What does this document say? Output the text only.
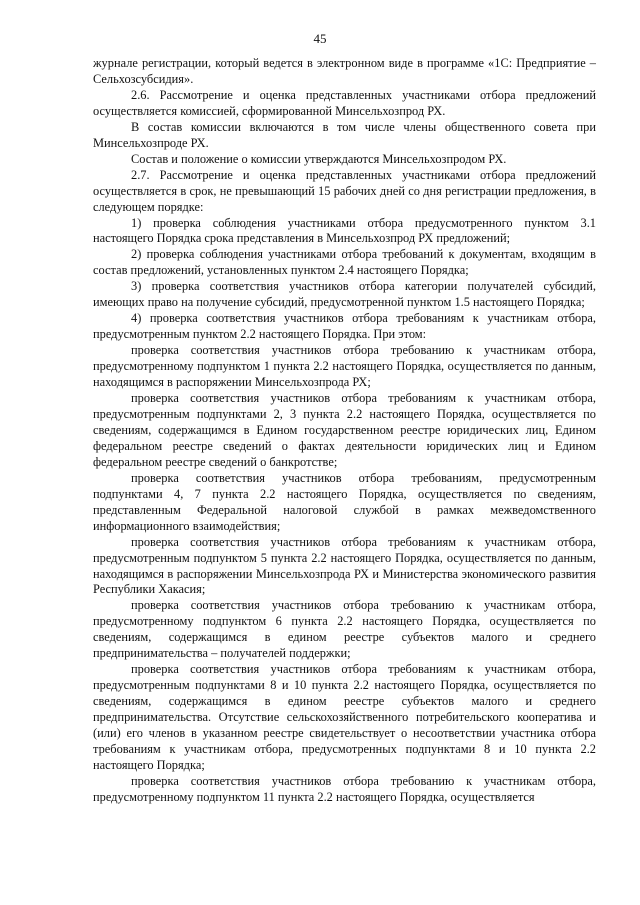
45

журнале регистрации, который ведется в электронном виде в программе «1С: Предприятие – Сельхозсубсидия».

2.6. Рассмотрение и оценка представленных участниками отбора предложений осуществляется комиссией, сформированной Минсельхозпрод РХ.

В состав комиссии включаются в том числе члены общественного совета при Минсельхозпроде РХ.

Состав и положение о комиссии утверждаются Минсельхозпродом РХ.

2.7. Рассмотрение и оценка представленных участниками отбора предложений осуществляется в срок, не превышающий 15 рабочих дней со дня регистрации предложения, в следующем порядке:

1) проверка соблюдения участниками отбора предусмотренного пунктом 3.1 настоящего Порядка срока представления в Минсельхозпрод РХ предложений;

2) проверка соблюдения участниками отбора требований к документам, входящим в состав предложений, установленных пунктом 2.4 настоящего Порядка;

3) проверка соответствия участников отбора категории получателей субсидий, имеющих право на получение субсидий, предусмотренной пунктом 1.5 настоящего Порядка;

4) проверка соответствия участников отбора требованиям к участникам отбора, предусмотренным пунктом 2.2 настоящего Порядка. При этом:

проверка соответствия участников отбора требованию к участникам отбора, предусмотренному подпунктом 1 пункта 2.2 настоящего Порядка, осуществляется по данным, находящимся в распоряжении Минсельхозпрода РХ;

проверка соответствия участников отбора требованиям к участникам отбора, предусмотренным подпунктами 2, 3 пункта 2.2 настоящего Порядка, осуществляется по сведениям, содержащимся в Едином государственном реестре юридических лиц, Едином федеральном реестре сведений о фактах деятельности юридических лиц и Едином федеральном реестре сведений о банкротстве;

проверка соответствия участников отбора требованиям, предусмотренным подпунктами 4, 7 пункта 2.2 настоящего Порядка, осуществляется по сведениям, представленным Федеральной налоговой службой в рамках межведомственного информационного взаимодействия;

проверка соответствия участников отбора требованиям к участникам отбора, предусмотренным подпунктом 5 пункта 2.2 настоящего Порядка, осуществляется по данным, находящимся в распоряжении Минсельхозпрода РХ и Министерства экономического развития Республики Хакасия;

проверка соответствия участников отбора требованию к участникам отбора, предусмотренному подпунктом 6 пункта 2.2 настоящего Порядка, осуществляется по сведениям, содержащимся в едином реестре субъектов малого и среднего предпринимательства – получателей поддержки;

проверка соответствия участников отбора требованиям к участникам отбора, предусмотренным подпунктами 8 и 10 пункта 2.2 настоящего Порядка, осуществляется по сведениям, содержащимся в едином реестре субъектов малого и среднего предпринимательства. Отсутствие сельскохозяйственного потребительского кооператива и (или) его членов в указанном реестре свидетельствует о несоответствии участника отбора требованиям к участникам отбора, предусмотренных подпунктами 8 и 10 пункта 2.2 настоящего Порядка;

проверка соответствия участников отбора требованию к участникам отбора, предусмотренному подпунктом 11 пункта 2.2 настоящего Порядка, осуществляется
